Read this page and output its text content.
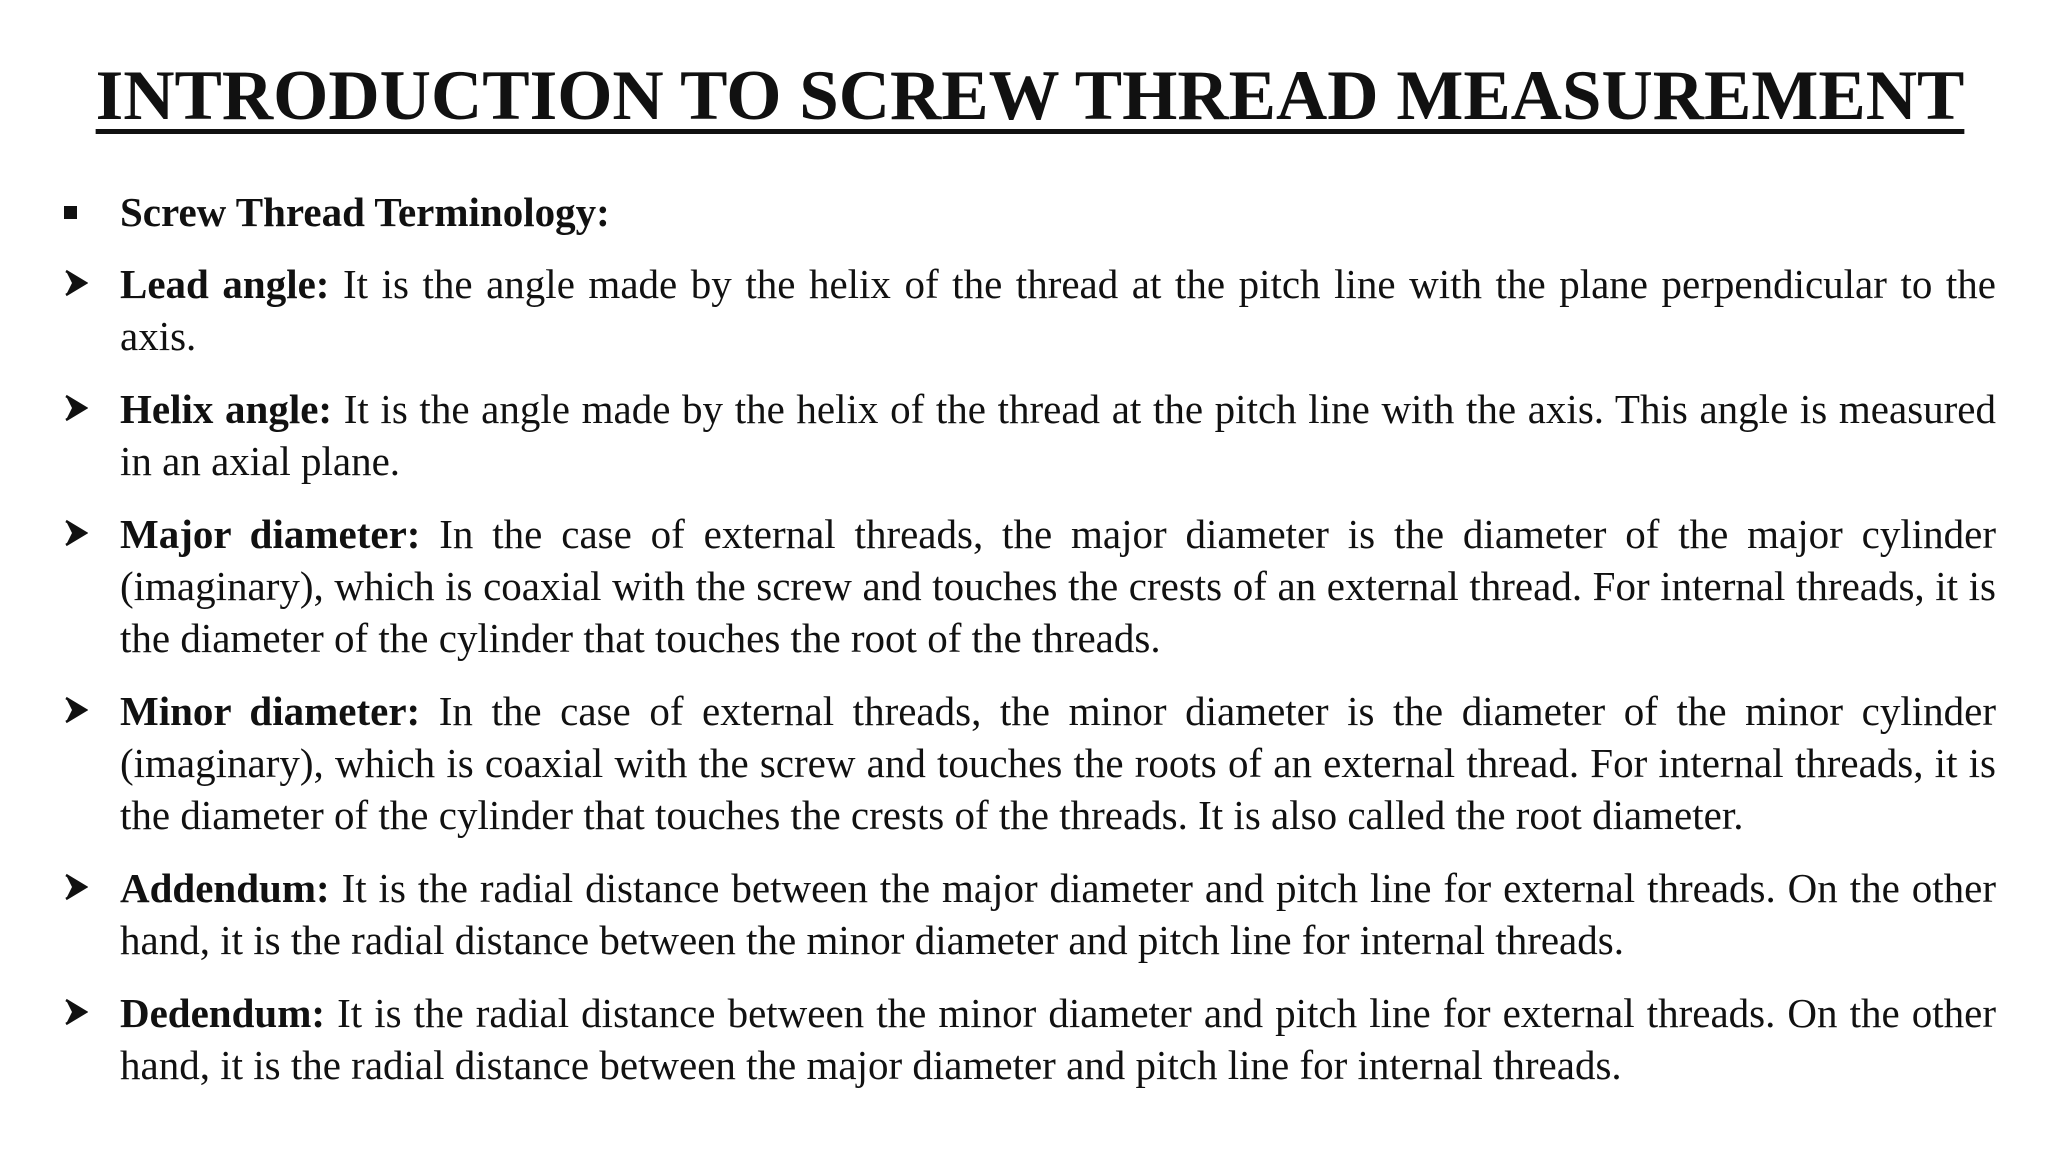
INTRODUCTION TO SCREW THREAD MEASUREMENT
Screw Thread Terminology:
Lead angle: It is the angle made by the helix of the thread at the pitch line with the plane perpendicular to the axis.
Helix angle: It is the angle made by the helix of the thread at the pitch line with the axis. This angle is measured in an axial plane.
Major diameter: In the case of external threads, the major diameter is the diameter of the major cylinder (imaginary), which is coaxial with the screw and touches the crests of an external thread. For internal threads, it is the diameter of the cylinder that touches the root of the threads.
Minor diameter: In the case of external threads, the minor diameter is the diameter of the minor cylinder (imaginary), which is coaxial with the screw and touches the roots of an external thread. For internal threads, it is the diameter of the cylinder that touches the crests of the threads. It is also called the root diameter.
Addendum: It is the radial distance between the major diameter and pitch line for external threads. On the other hand, it is the radial distance between the minor diameter and pitch line for internal threads.
Dedendum: It is the radial distance between the minor diameter and pitch line for external threads. On the other hand, it is the radial distance between the major diameter and pitch line for internal threads.
